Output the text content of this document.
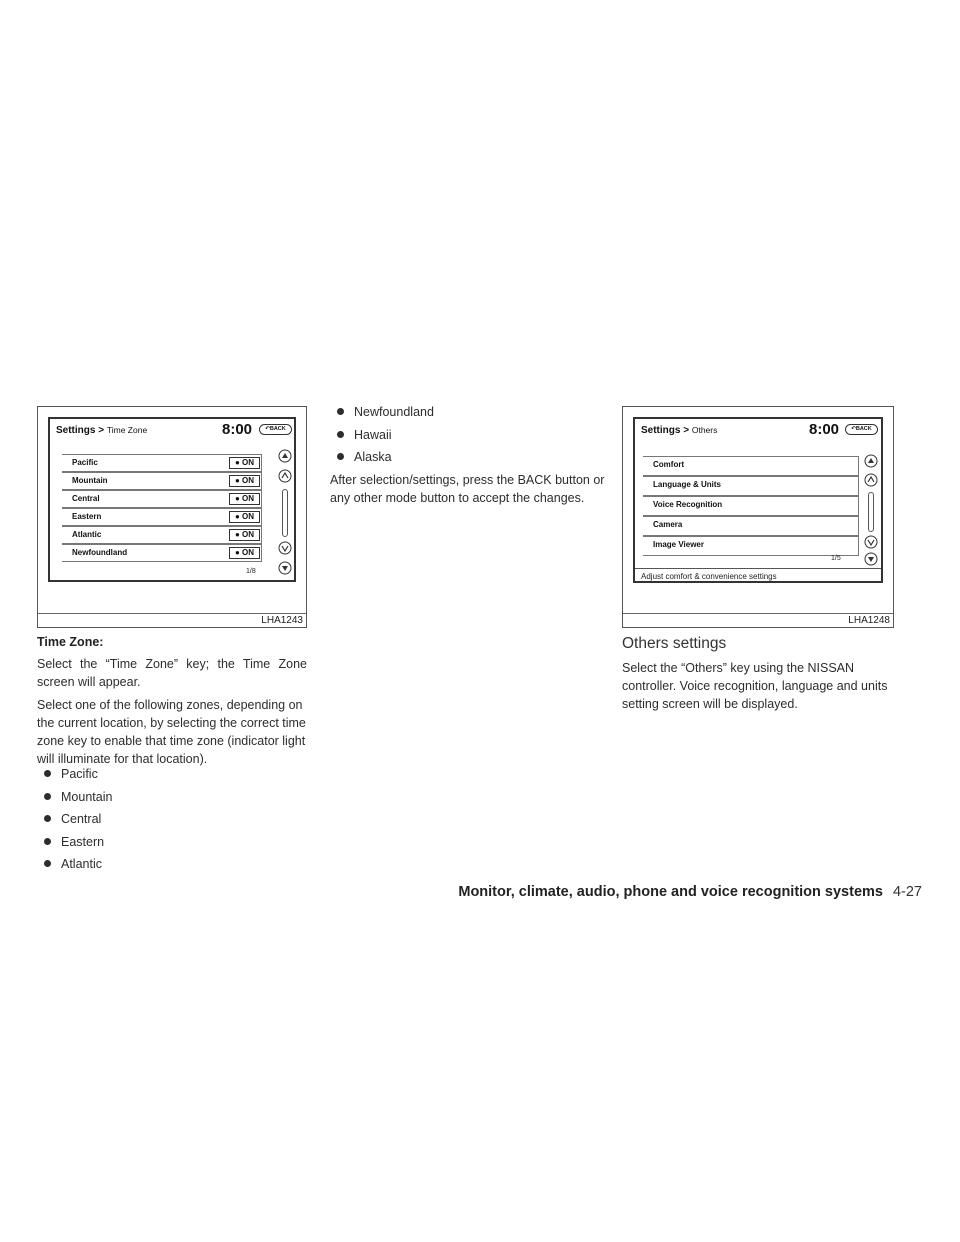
Settings > Time Zone	8:00	↶BACK
Pacific	● ON
Mountain	● ON
Central	● ON
Eastern	● ON
Atlantic	● ON
Newfoundland	● ON
1/8
LHA1243
Settings > Others	8:00	↶BACK
Comfort
Language & Units
Voice Recognition
Camera
Image Viewer
1/5
Adjust comfort & convenience settings
LHA1248
Time Zone:

Select the “Time Zone” key; the Time Zone screen will appear.

Select one of the following zones, depending on the current location, by selecting the correct time zone key to enable that time zone (indicator light will illuminate for that location).

Pacific
Mountain
Central
Eastern
Atlantic
Newfoundland
Hawaii
Alaska

After selection/settings, press the BACK button or any other mode button to accept the changes.

Others settings

Select the “Others” key using the NISSAN controller. Voice recognition, language and units setting screen will be displayed.

Monitor, climate, audio, phone and voice recognition systems 4-27
